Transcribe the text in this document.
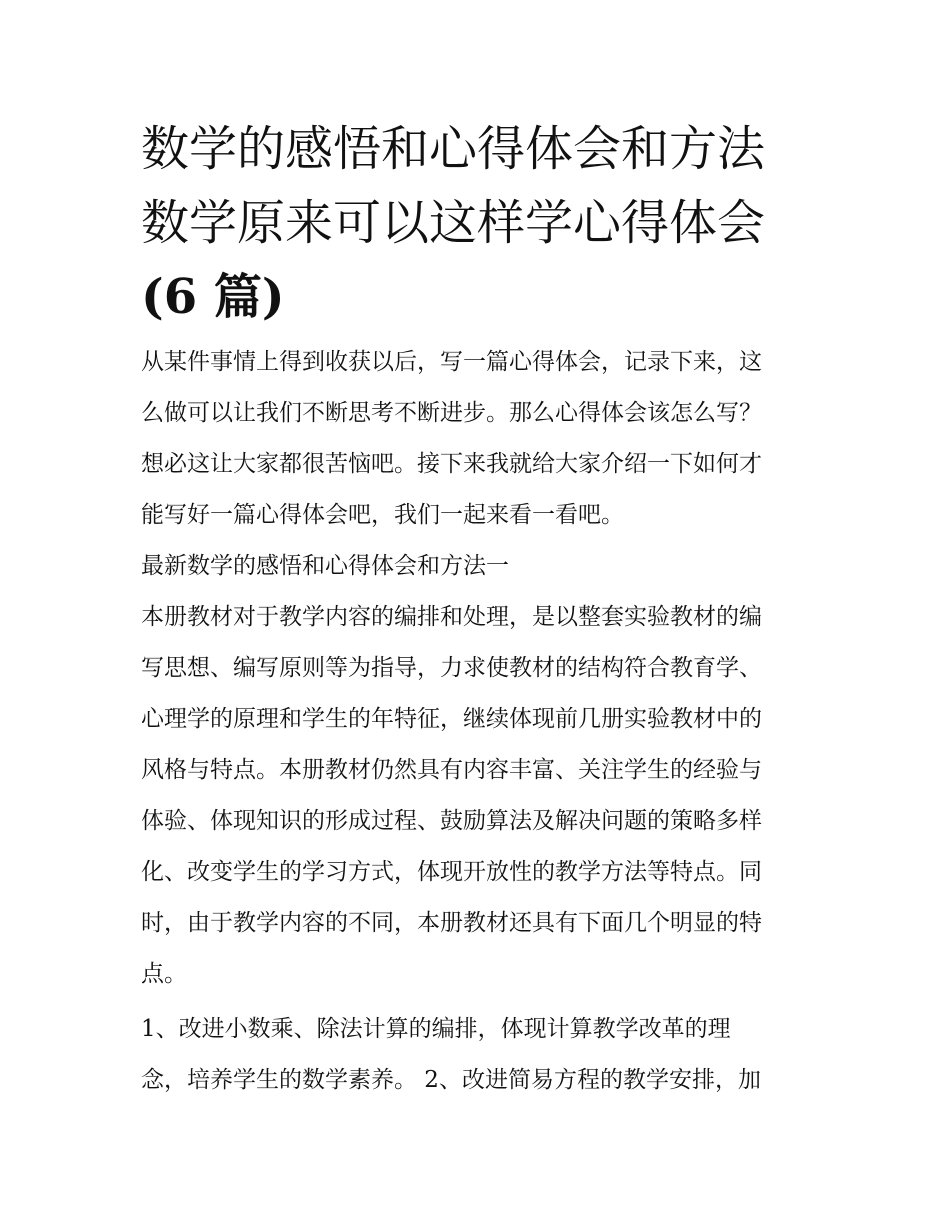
数学的感悟和心得体会和方法
数学原来可以这样学心得体会
(6 篇)
从某件事情上得到收获以后，写一篇心得体会，记录下来，这
么做可以让我们不断思考不断进步。那么心得体会该怎么写？
想必这让大家都很苦恼吧。接下来我就给大家介绍一下如何才
能写好一篇心得体会吧，我们一起来看一看吧。
最新数学的感悟和心得体会和方法一
本册教材对于教学内容的编排和处理，是以整套实验教材的编
写思想、编写原则等为指导，力求使教材的结构符合教育学、
心理学的原理和学生的年特征，继续体现前几册实验教材中的
风格与特点。本册教材仍然具有内容丰富、关注学生的经验与
体验、体现知识的形成过程、鼓励算法及解决问题的策略多样
化、改变学生的学习方式，体现开放性的教学方法等特点。同
时，由于教学内容的不同，本册教材还具有下面几个明显的特
点。
1、改进小数乘、除法计算的编排，体现计算教学改革的理
念，培养学生的数学素养。 2、改进简易方程的教学安排，加
